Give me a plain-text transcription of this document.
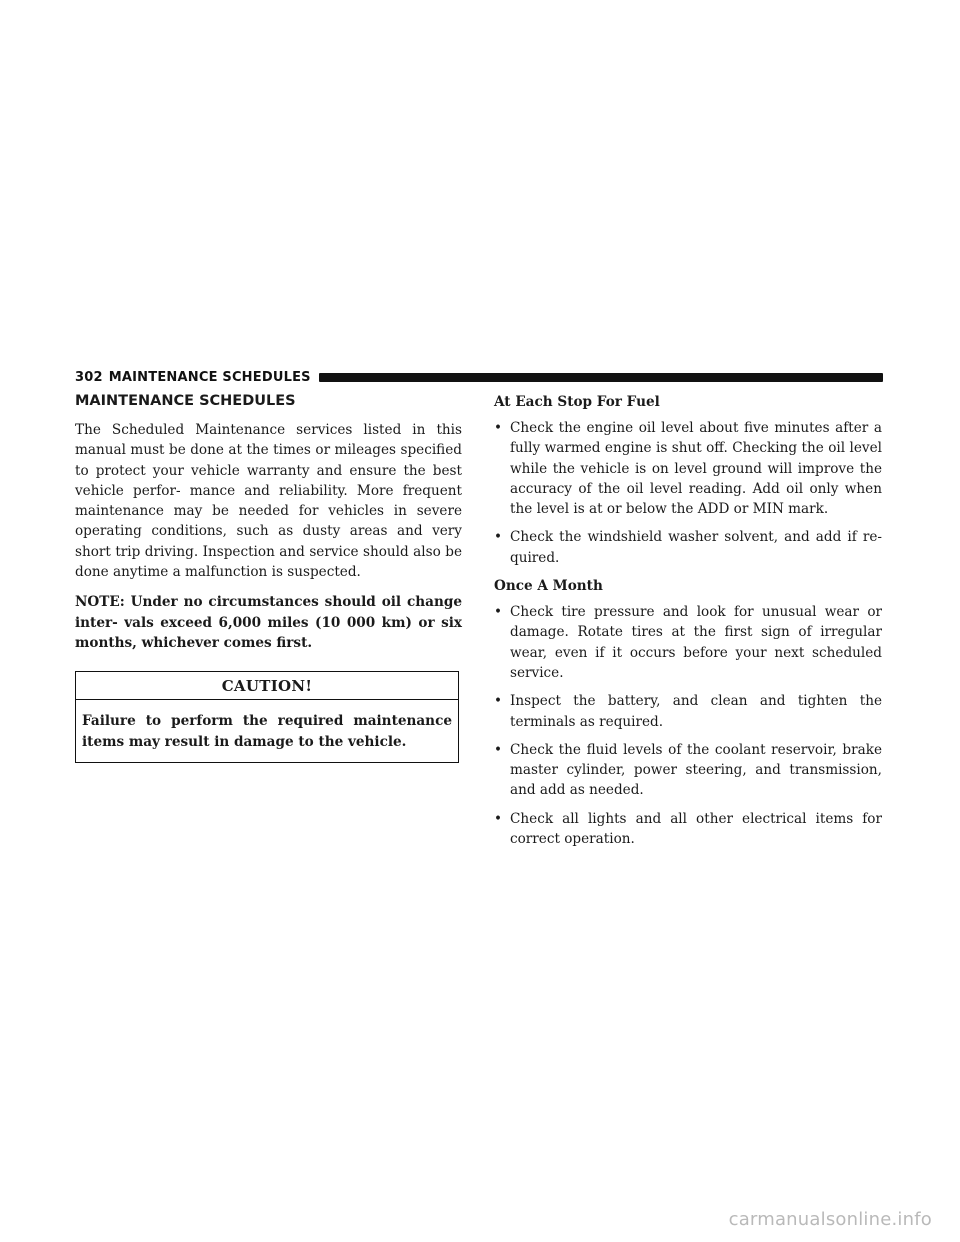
302 MAINTENANCE SCHEDULES
MAINTENANCE SCHEDULES

The Scheduled Maintenance services listed in this manual must be done at the times or mileages specified to protect your vehicle warranty and ensure the best vehicle perfor- mance and reliability. More frequent maintenance may be needed for vehicles in severe operating conditions, such as dusty areas and very short trip driving. Inspection and service should also be done anytime a malfunction is suspected.

NOTE: Under no circumstances should oil change inter- vals exceed 6,000 miles (10 000 km) or six months, whichever comes first.

CAUTION!
Failure to perform the required maintenance items may result in damage to the vehicle.
At Each Stop For Fuel
• Check the engine oil level about five minutes after a fully warmed engine is shut off. Checking the oil level while the vehicle is on level ground will improve the accuracy of the oil level reading. Add oil only when the level is at or below the ADD or MIN mark.
• Check the windshield washer solvent, and add if re- quired.
Once A Month
• Check tire pressure and look for unusual wear or damage. Rotate tires at the first sign of irregular wear, even if it occurs before your next scheduled service.
• Inspect the battery, and clean and tighten the terminals as required.
• Check the fluid levels of the coolant reservoir, brake master cylinder, power steering, and transmission, and add as needed.
• Check all lights and all other electrical items for correct operation.
carmanualsonline.info
